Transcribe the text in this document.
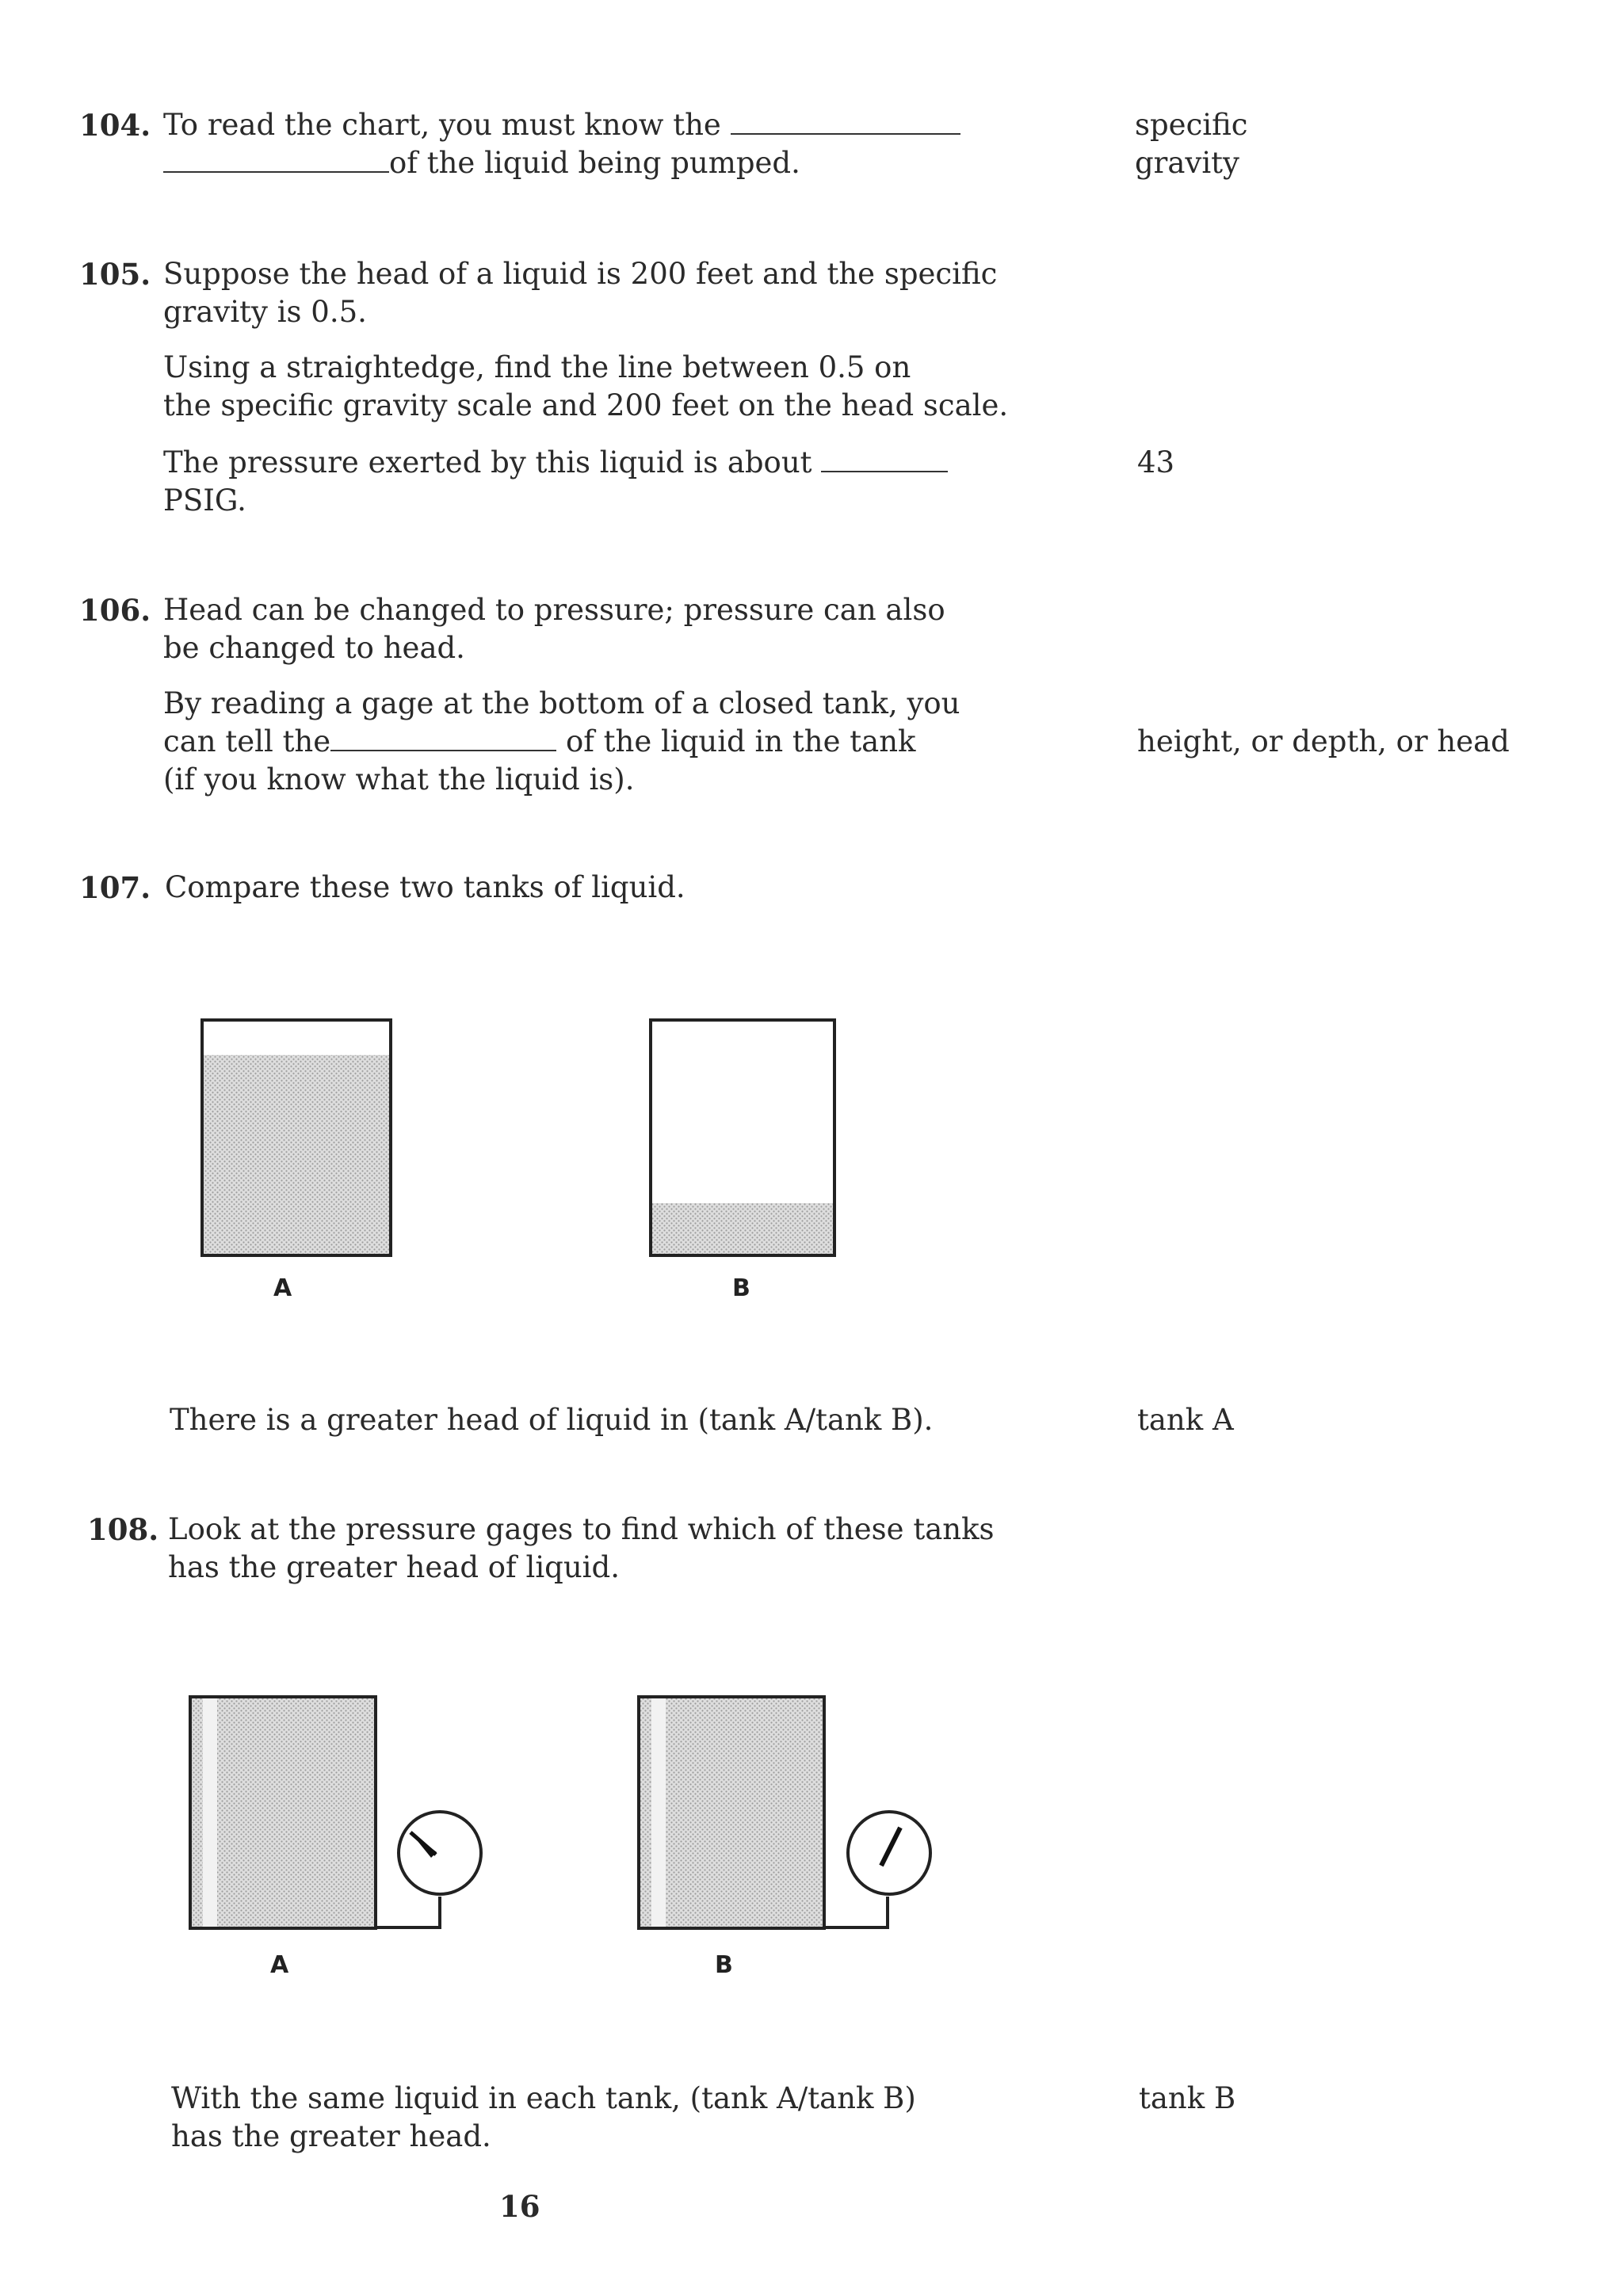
104. To read the chart, you must know the
of the liquid being pumped.
specific
gravity
105. Suppose the head of a liquid is 200 feet and the specific
gravity is 0.5.
Using a straightedge, find the line between 0.5 on
the specific gravity scale and 200 feet on the head scale.
The pressure exerted by this liquid is about
PSIG.
43
106. Head can be changed to pressure; pressure can also
be changed to head.
By reading a gage at the bottom of a closed tank, you
can tell the	of the liquid in the tank
(if you know what the liquid is).
height, or depth, or head
107. Compare these two tanks of liquid.
A	B
There is a greater head of liquid in (tank A/tank B).	tank A
108. Look at the pressure gages to find which of these tanks
has the greater head of liquid.
A	B
With the same liquid in each tank, (tank A/tank B)
has the greater head.
tank B
16
